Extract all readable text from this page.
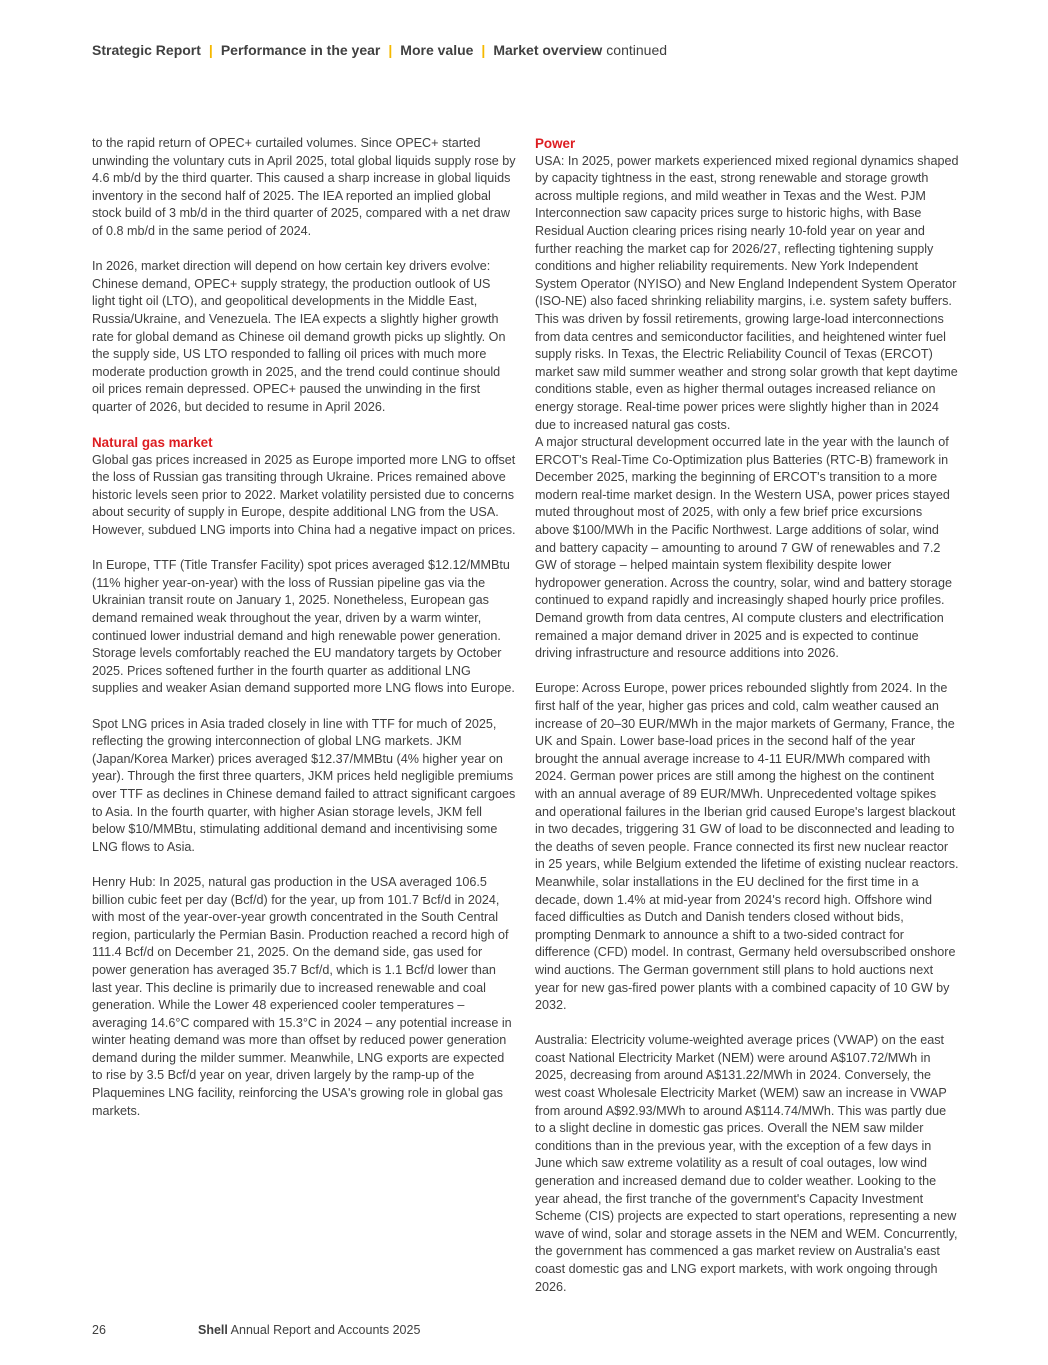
Strategic Report | Performance in the year | More value | Market overview continued

to the rapid return of OPEC+ curtailed volumes. Since OPEC+ started unwinding the voluntary cuts in April 2025, total global liquids supply rose by 4.6 mb/d by the third quarter. This caused a sharp increase in global liquids inventory in the second half of 2025. The IEA reported an implied global stock build of 3 mb/d in the third quarter of 2025, compared with a net draw of 0.8 mb/d in the same period of 2024.

In 2026, market direction will depend on how certain key drivers evolve: Chinese demand, OPEC+ supply strategy, the production outlook of US light tight oil (LTO), and geopolitical developments in the Middle East, Russia/Ukraine, and Venezuela. The IEA expects a slightly higher growth rate for global demand as Chinese oil demand growth picks up slightly. On the supply side, US LTO responded to falling oil prices with much more moderate production growth in 2025, and the trend could continue should oil prices remain depressed. OPEC+ paused the unwinding in the first quarter of 2026, but decided to resume in April 2026.

Natural gas market

Global gas prices increased in 2025 as Europe imported more LNG to offset the loss of Russian gas transiting through Ukraine. Prices remained above historic levels seen prior to 2022. Market volatility persisted due to concerns about security of supply in Europe, despite additional LNG from the USA. However, subdued LNG imports into China had a negative impact on prices.

In Europe, TTF (Title Transfer Facility) spot prices averaged $12.12/MMBtu (11% higher year-on-year) with the loss of Russian pipeline gas via the Ukrainian transit route on January 1, 2025. Nonetheless, European gas demand remained weak throughout the year, driven by a warm winter, continued lower industrial demand and high renewable power generation. Storage levels comfortably reached the EU mandatory targets by October 2025. Prices softened further in the fourth quarter as additional LNG supplies and weaker Asian demand supported more LNG flows into Europe.

Spot LNG prices in Asia traded closely in line with TTF for much of 2025, reflecting the growing interconnection of global LNG markets. JKM (Japan/Korea Marker) prices averaged $12.37/MMBtu (4% higher year on year). Through the first three quarters, JKM prices held negligible premiums over TTF as declines in Chinese demand failed to attract significant cargoes to Asia. In the fourth quarter, with higher Asian storage levels, JKM fell below $10/MMBtu, stimulating additional demand and incentivising some LNG flows to Asia.

Henry Hub: In 2025, natural gas production in the USA averaged 106.5 billion cubic feet per day (Bcf/d) for the year, up from 101.7 Bcf/d in 2024, with most of the year-over-year growth concentrated in the South Central region, particularly the Permian Basin. Production reached a record high of 111.4 Bcf/d on December 21, 2025. On the demand side, gas used for power generation has averaged 35.7 Bcf/d, which is 1.1 Bcf/d lower than last year. This decline is primarily due to increased renewable and coal generation. While the Lower 48 experienced cooler temperatures – averaging 14.6°C compared with 15.3°C in 2024 – any potential increase in winter heating demand was more than offset by reduced power generation demand during the milder summer. Meanwhile, LNG exports are expected to rise by 3.5 Bcf/d year on year, driven largely by the ramp-up of the Plaquemines LNG facility, reinforcing the USA's growing role in global gas markets.

Power

USA: In 2025, power markets experienced mixed regional dynamics shaped by capacity tightness in the east, strong renewable and storage growth across multiple regions, and mild weather in Texas and the West. PJM Interconnection saw capacity prices surge to historic highs, with Base Residual Auction clearing prices rising nearly 10-fold year on year and further reaching the market cap for 2026/27, reflecting tightening supply conditions and higher reliability requirements. New York Independent System Operator (NYISO) and New England Independent System Operator (ISO-NE) also faced shrinking reliability margins, i.e. system safety buffers. This was driven by fossil retirements, growing large-load interconnections from data centres and semiconductor facilities, and heightened winter fuel supply risks. In Texas, the Electric Reliability Council of Texas (ERCOT) market saw mild summer weather and strong solar growth that kept daytime conditions stable, even as higher thermal outages increased reliance on energy storage. Real-time power prices were slightly higher than in 2024 due to increased natural gas costs.

A major structural development occurred late in the year with the launch of ERCOT's Real-Time Co-Optimization plus Batteries (RTC-B) framework in December 2025, marking the beginning of ERCOT's transition to a more modern real-time market design. In the Western USA, power prices stayed muted throughout most of 2025, with only a few brief price excursions above $100/MWh in the Pacific Northwest. Large additions of solar, wind and battery capacity – amounting to around 7 GW of renewables and 7.2 GW of storage – helped maintain system flexibility despite lower hydropower generation. Across the country, solar, wind and battery storage continued to expand rapidly and increasingly shaped hourly price profiles. Demand growth from data centres, AI compute clusters and electrification remained a major demand driver in 2025 and is expected to continue driving infrastructure and resource additions into 2026.

Europe: Across Europe, power prices rebounded slightly from 2024. In the first half of the year, higher gas prices and cold, calm weather caused an increase of 20–30 EUR/MWh in the major markets of Germany, France, the UK and Spain. Lower base-load prices in the second half of the year brought the annual average increase to 4-11 EUR/MWh compared with 2024. German power prices are still among the highest on the continent with an annual average of 89 EUR/MWh. Unprecedented voltage spikes and operational failures in the Iberian grid caused Europe's largest blackout in two decades, triggering 31 GW of load to be disconnected and leading to the deaths of seven people. France connected its first new nuclear reactor in 25 years, while Belgium extended the lifetime of existing nuclear reactors. Meanwhile, solar installations in the EU declined for the first time in a decade, down 1.4% at mid-year from 2024's record high. Offshore wind faced difficulties as Dutch and Danish tenders closed without bids, prompting Denmark to announce a shift to a two-sided contract for difference (CFD) model. In contrast, Germany held oversubscribed onshore wind auctions. The German government still plans to hold auctions next year for new gas-fired power plants with a combined capacity of 10 GW by 2032.

Australia: Electricity volume-weighted average prices (VWAP) on the east coast National Electricity Market (NEM) were around A$107.72/MWh in 2025, decreasing from around A$131.22/MWh in 2024. Conversely, the west coast Wholesale Electricity Market (WEM) saw an increase in VWAP from around A$92.93/MWh to around A$114.74/MWh. This was partly due to a slight decline in domestic gas prices. Overall the NEM saw milder conditions than in the previous year, with the exception of a few days in June which saw extreme volatility as a result of coal outages, low wind generation and increased demand due to colder weather. Looking to the year ahead, the first tranche of the government's Capacity Investment Scheme (CIS) projects are expected to start operations, representing a new wave of wind, solar and storage assets in the NEM and WEM. Concurrently, the government has commenced a gas market review on Australia's east coast domestic gas and LNG export markets, with work ongoing through 2026.

26	Shell Annual Report and Accounts 2025
